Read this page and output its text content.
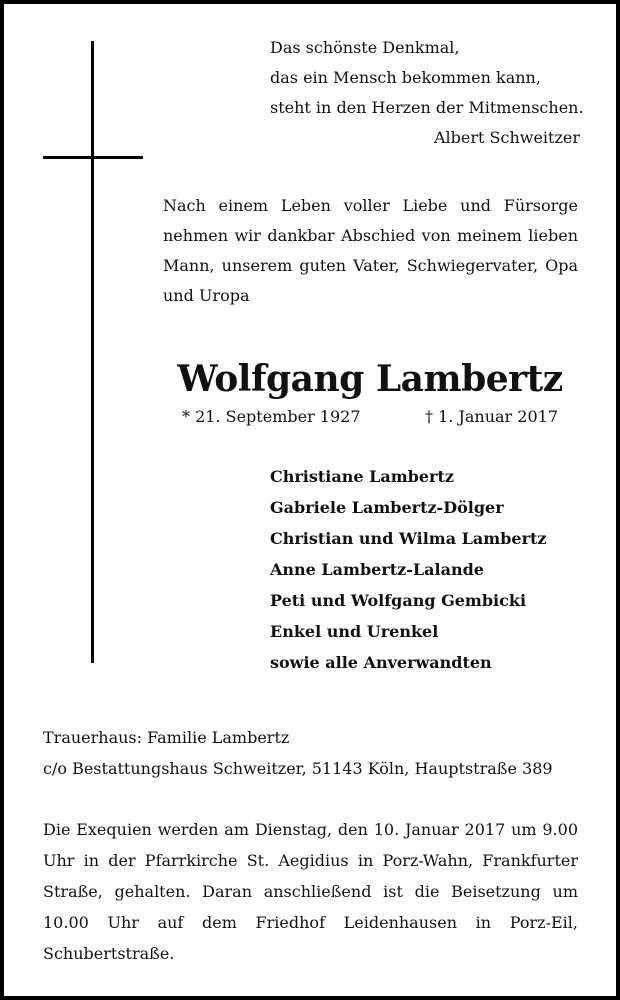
Das schönste Denkmal,
das ein Mensch bekommen kann,
steht in den Herzen der Mitmenschen.
Albert Schweitzer
Nach einem Leben voller Liebe und Fürsorge nehmen wir dankbar Abschied von meinem lieben Mann, unserem guten Vater, Schwiegervater, Opa und Uropa
Wolfgang Lambertz
* 21. September 1927	† 1. Januar 2017
Christiane Lambertz
Gabriele Lambertz-Dölger
Christian und Wilma Lambertz
Anne Lambertz-Lalande
Peti und Wolfgang Gembicki
Enkel und Urenkel
sowie alle Anverwandten
Trauerhaus: Familie Lambertz
c/o Bestattungshaus Schweitzer, 51143 Köln, Hauptstraße 389
Die Exequien werden am Dienstag, den 10. Januar 2017 um 9.00 Uhr in der Pfarrkirche St. Aegidius in Porz-Wahn, Frankfurter Straße, gehalten. Daran anschließend ist die Beisetzung um 10.00 Uhr auf dem Friedhof Leidenhausen in Porz-Eil, Schubertstraße.
